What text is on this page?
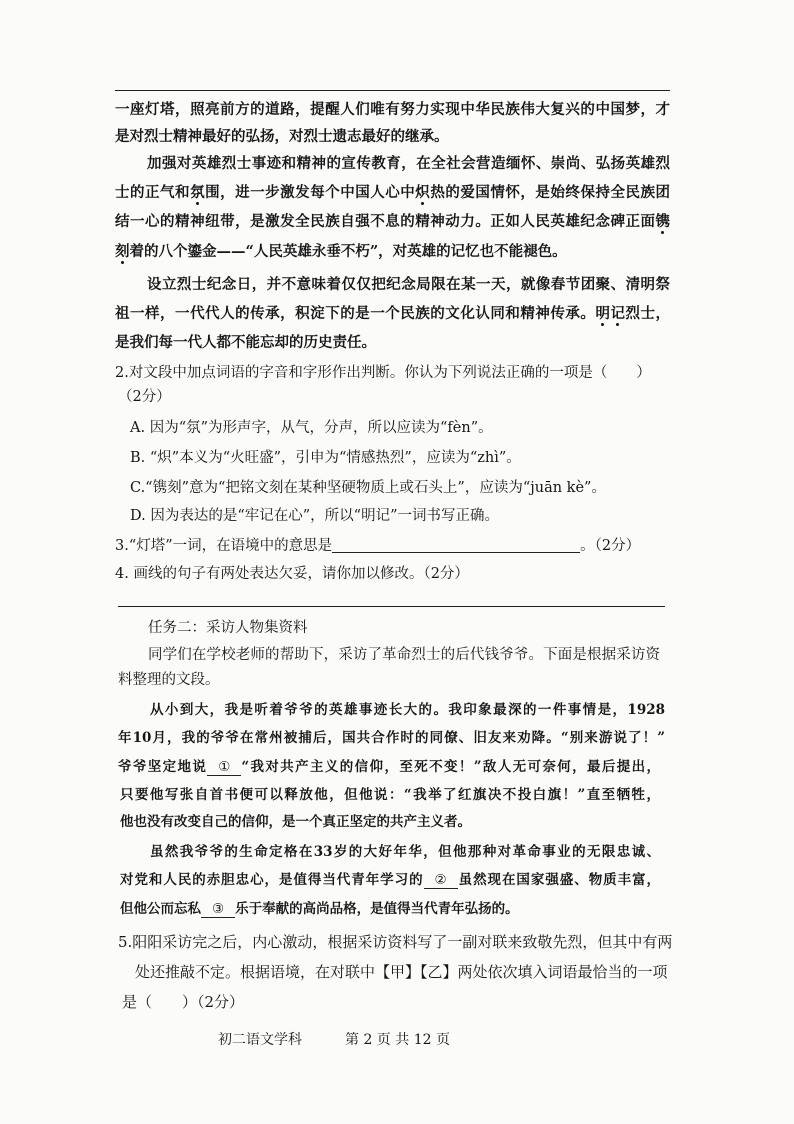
一座灯塔，照亮前方的道路，提醒人们唯有努力实现中华民族伟大复兴的中国梦，才
是对烈士精神最好的弘扬，对烈士遗志最好的继承。
加强对英雄烈士事迹和精神的宣传教育，在全社会营造缅怀、崇尚、弘扬英雄烈
士的正气和氛围，进一步激发每个中国人心中炽热的爱国情怀，是始终保持全民族团
结一心的精神纽带，是激发全民族自强不息的精神动力。正如人民英雄纪念碑正面镌
刻着的八个鎏金——“人民英雄永垂不朽”，对英雄的记忆也不能褪色。
设立烈士纪念日，并不意味着仅仅把纪念局限在某一天，就像春节团聚、清明祭
祖一样，一代代人的传承，积淀下的是一个民族的文化认同和精神传承。明记烈士，
是我们每一代人都不能忘却的历史责任。
2.对文段中加点词语的字音和字形作出判断。你认为下列说法正确的一项是（　　）
（2分）
A. 因为“氛”为形声字，从气，分声，所以应读为“fèn”。
B. “炽”本义为“火旺盛”，引申为“情感热烈”，应读为“zhì”。
C.“镌刻”意为“把铭文刻在某种坚硬物质上或石头上”，应读为“juān kè”。
D. 因为表达的是“牢记在心”，所以“明记”一词书写正确。
3.“灯塔”一词，在语境中的意思是	。（2分）
4. 画线的句子有两处表达欠妥，请你加以修改。（2分）
任务二：采访人物集资料
同学们在学校老师的帮助下，采访了革命烈士的后代钱爷爷。下面是根据采访资
料整理的文段。
从小到大，我是听着爷爷的英雄事迹长大的。我印象最深的一件事情是，1928
年10月，我的爷爷在常州被捕后，国共合作时的同僚、旧友来劝降。“别来游说了！”
爷爷坚定地说 ① “我对共产主义的信仰，至死不变！”敌人无可奈何，最后提出，
只要他写张自首书便可以释放他，但他说：“我举了红旗决不投白旗！”直至牺牲，
他也没有改变自己的信仰，是一个真正坚定的共产主义者。
虽然我爷爷的生命定格在33岁的大好年华，但他那种对革命事业的无限忠诚、
对党和人民的赤胆忠心，是值得当代青年学习的 ② 虽然现在国家强盛、物质丰富，
但他公而忘私 ③ 乐于奉献的高尚品格，是值得当代青年弘扬的。
5.阳阳采访完之后，内心激动，根据采访资料写了一副对联来致敬先烈，但其中有两
处还推敲不定。根据语境，在对联中【甲】【乙】两处依次填入词语最恰当的一项
是（　　）（2分）
初二语文学科	第 2 页 共 12 页
